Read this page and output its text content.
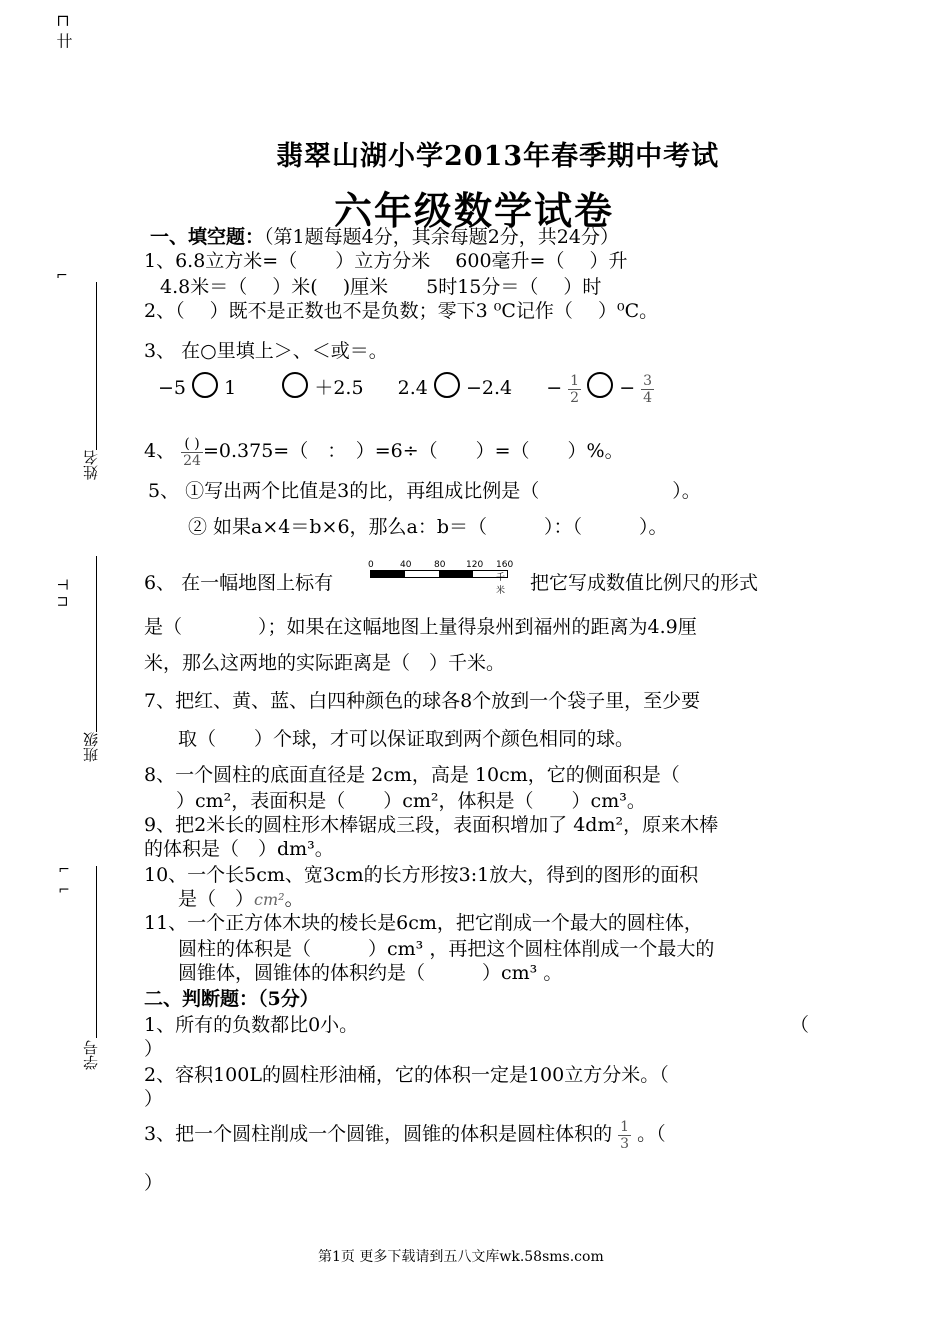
⊏ 卄
⌐
姓名
⊤ ⊓
班级
⌐ ⌐
学号
翡翠山湖小学2013年春季期中考试
六年级数学试卷
一、填空题：（第1题每题4分，其余每题2分，共24分）
1、6.8立方米=（　　）立方分米　 600毫升=（　 ）升
4.8米＝（　 ）米(　 )厘米　　5时15分＝（　 ）时
2、（　 ）既不是正数也不是负数；零下3 ⁰C记作（　 ）⁰C。
3、 在○里填上＞、＜或＝。
−5 1	＋2.5 $2.4 -2.4 - \frac{1}{2} - \frac{3}{4}$
4、 $\frac{( )}{24} =0.375=$（　：　）=6÷（　　）=（　　）%。
5、 ①写出两个比值是3的比，再组成比例是（　　　　　　　）。
② 如果a×4＝b×6，那么a：b＝（　　　）：（　　　）。
6、 在一幅地图上标有
0	40	80 120 160千米	把它写成数值比例尺的形式
是（　　　　）；如果在这幅地图上量得泉州到福州的距离为4.9厘
米，那么这两地的实际距离是（　）千米。
7、把红、黄、蓝、白四种颜色的球各8个放到一个袋子里，至少要
取（　　）个球，才可以保证取到两个颜色相同的球。
8、一个圆柱的底面直径是 2cm，高是 10cm，它的侧面积是（
）cm²，表面积是（　　）cm²，体积是（　　）cm³。
9、把2米长的圆柱形木棒锯成三段，表面积增加了 4dm²，原来木棒
的体积是（　）dm³。
10、一个长5cm、宽3cm的长方形按3:1放大，得到的图形的面积
是（　）cm²。
11、一个正方体木块的棱长是6cm，把它削成一个最大的圆柱体，
圆柱的体积是（　　　）cm³ ，再把这个圆柱体削成一个最大的
圆锥体，圆锥体的体积约是（　　　）cm³ 。
二、判断题：（5分）
1、所有的负数都比0小。	（
）
2、容积100L的圆柱形油桶，它的体积一定是100立方分米。（
）
3、把一个圆柱削成一个圆锥，圆锥的体积是圆柱体积的 $\frac{1}{3}$ 。（
）
第1页 更多下载请到五八文库wk.58sms.com
